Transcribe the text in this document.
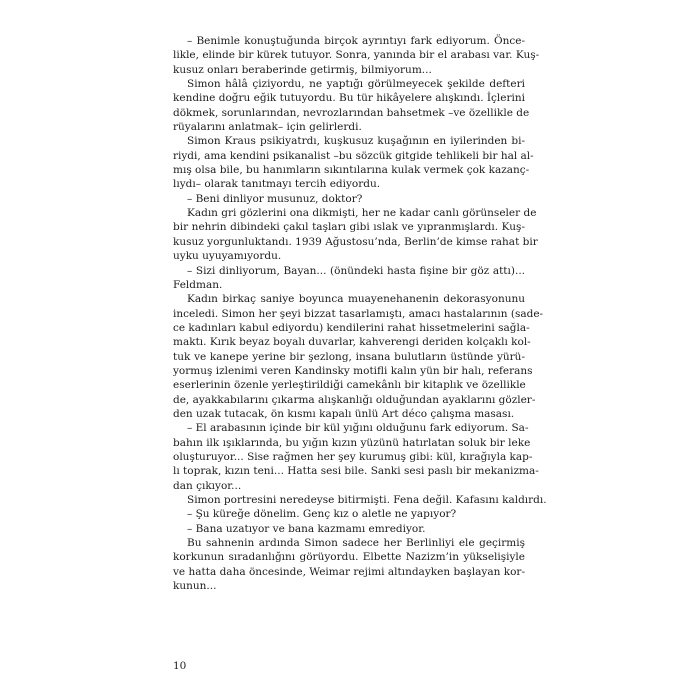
– Benimle konuştuğunda birçok ayrıntıyı fark ediyorum. Önce-
likle, elinde bir kürek tutuyor. Sonra, yanında bir el arabası var. Kuş-
kusuz onları beraberinde getirmiş, bilmiyorum...
Simon hâlâ çiziyordu, ne yaptığı görülmeyecek şekilde defteri
kendine doğru eğik tutuyordu. Bu tür hikâyelere alışkındı. İçlerini
dökmek, sorunlarından, nevrozlarından bahsetmek –ve özellikle de
rüyalarını anlatmak– için gelirlerdi.
Simon Kraus psikiyatrdı, kuşkusuz kuşağının en iyilerinden bi-
riydi, ama kendini psikanalist –bu sözcük gitgide tehlikeli bir hal al-
mış olsa bile, bu hanımların sıkıntılarına kulak vermek çok kazanç-
lıydı– olarak tanıtmayı tercih ediyordu.
– Beni dinliyor musunuz, doktor?
Kadın gri gözlerini ona dikmişti, her ne kadar canlı görünseler de
bir nehrin dibindeki çakıl taşları gibi ıslak ve yıpranmışlardı. Kuş-
kusuz yorgunluktandı. 1939 Ağustosu’nda, Berlin’de kimse rahat bir
uyku uyuyamıyordu.
– Sizi dinliyorum, Bayan... (önündeki hasta fişine bir göz attı)...
Feldman.
Kadın birkaç saniye boyunca muayenehanenin dekorasyonunu
inceledi. Simon her şeyi bizzat tasarlamıştı, amacı hastalarının (sade-
ce kadınları kabul ediyordu) kendilerini rahat hissetmelerini sağla-
maktı. Kırık beyaz boyalı duvarlar, kahverengi deriden kolçaklı kol-
tuk ve kanepe yerine bir şezlong, insana bulutların üstünde yürü-
yormuş izlenimi veren Kandinsky motifli kalın yün bir halı, referans
eserlerinin özenle yerleştirildiği camekânlı bir kitaplık ve özellikle
de, ayakkabılarını çıkarma alışkanlığı olduğundan ayaklarını gözler-
den uzak tutacak, ön kısmı kapalı ünlü Art déco çalışma masası.
– El arabasının içinde bir kül yığını olduğunu fark ediyorum. Sa-
bahın ilk ışıklarında, bu yığın kızın yüzünü hatırlatan soluk bir leke
oluşturuyor... Sise rağmen her şey kurumuş gibi: kül, kırağıyla kap-
lı toprak, kızın teni... Hatta sesi bile. Sanki sesi paslı bir mekanizma-
dan çıkıyor...
Simon portresini neredeyse bitirmişti. Fena değil. Kafasını kaldırdı.
– Şu küreğe dönelim. Genç kız o aletle ne yapıyor?
– Bana uzatıyor ve bana kazmamı emrediyor.
Bu sahnenin ardında Simon sadece her Berlinliyi ele geçirmiş
korkunun sıradanlığını görüyordu. Elbette Nazizm’in yükselişiyle
ve hatta daha öncesinde, Weimar rejimi altındayken başlayan kor-
kunun...
10
